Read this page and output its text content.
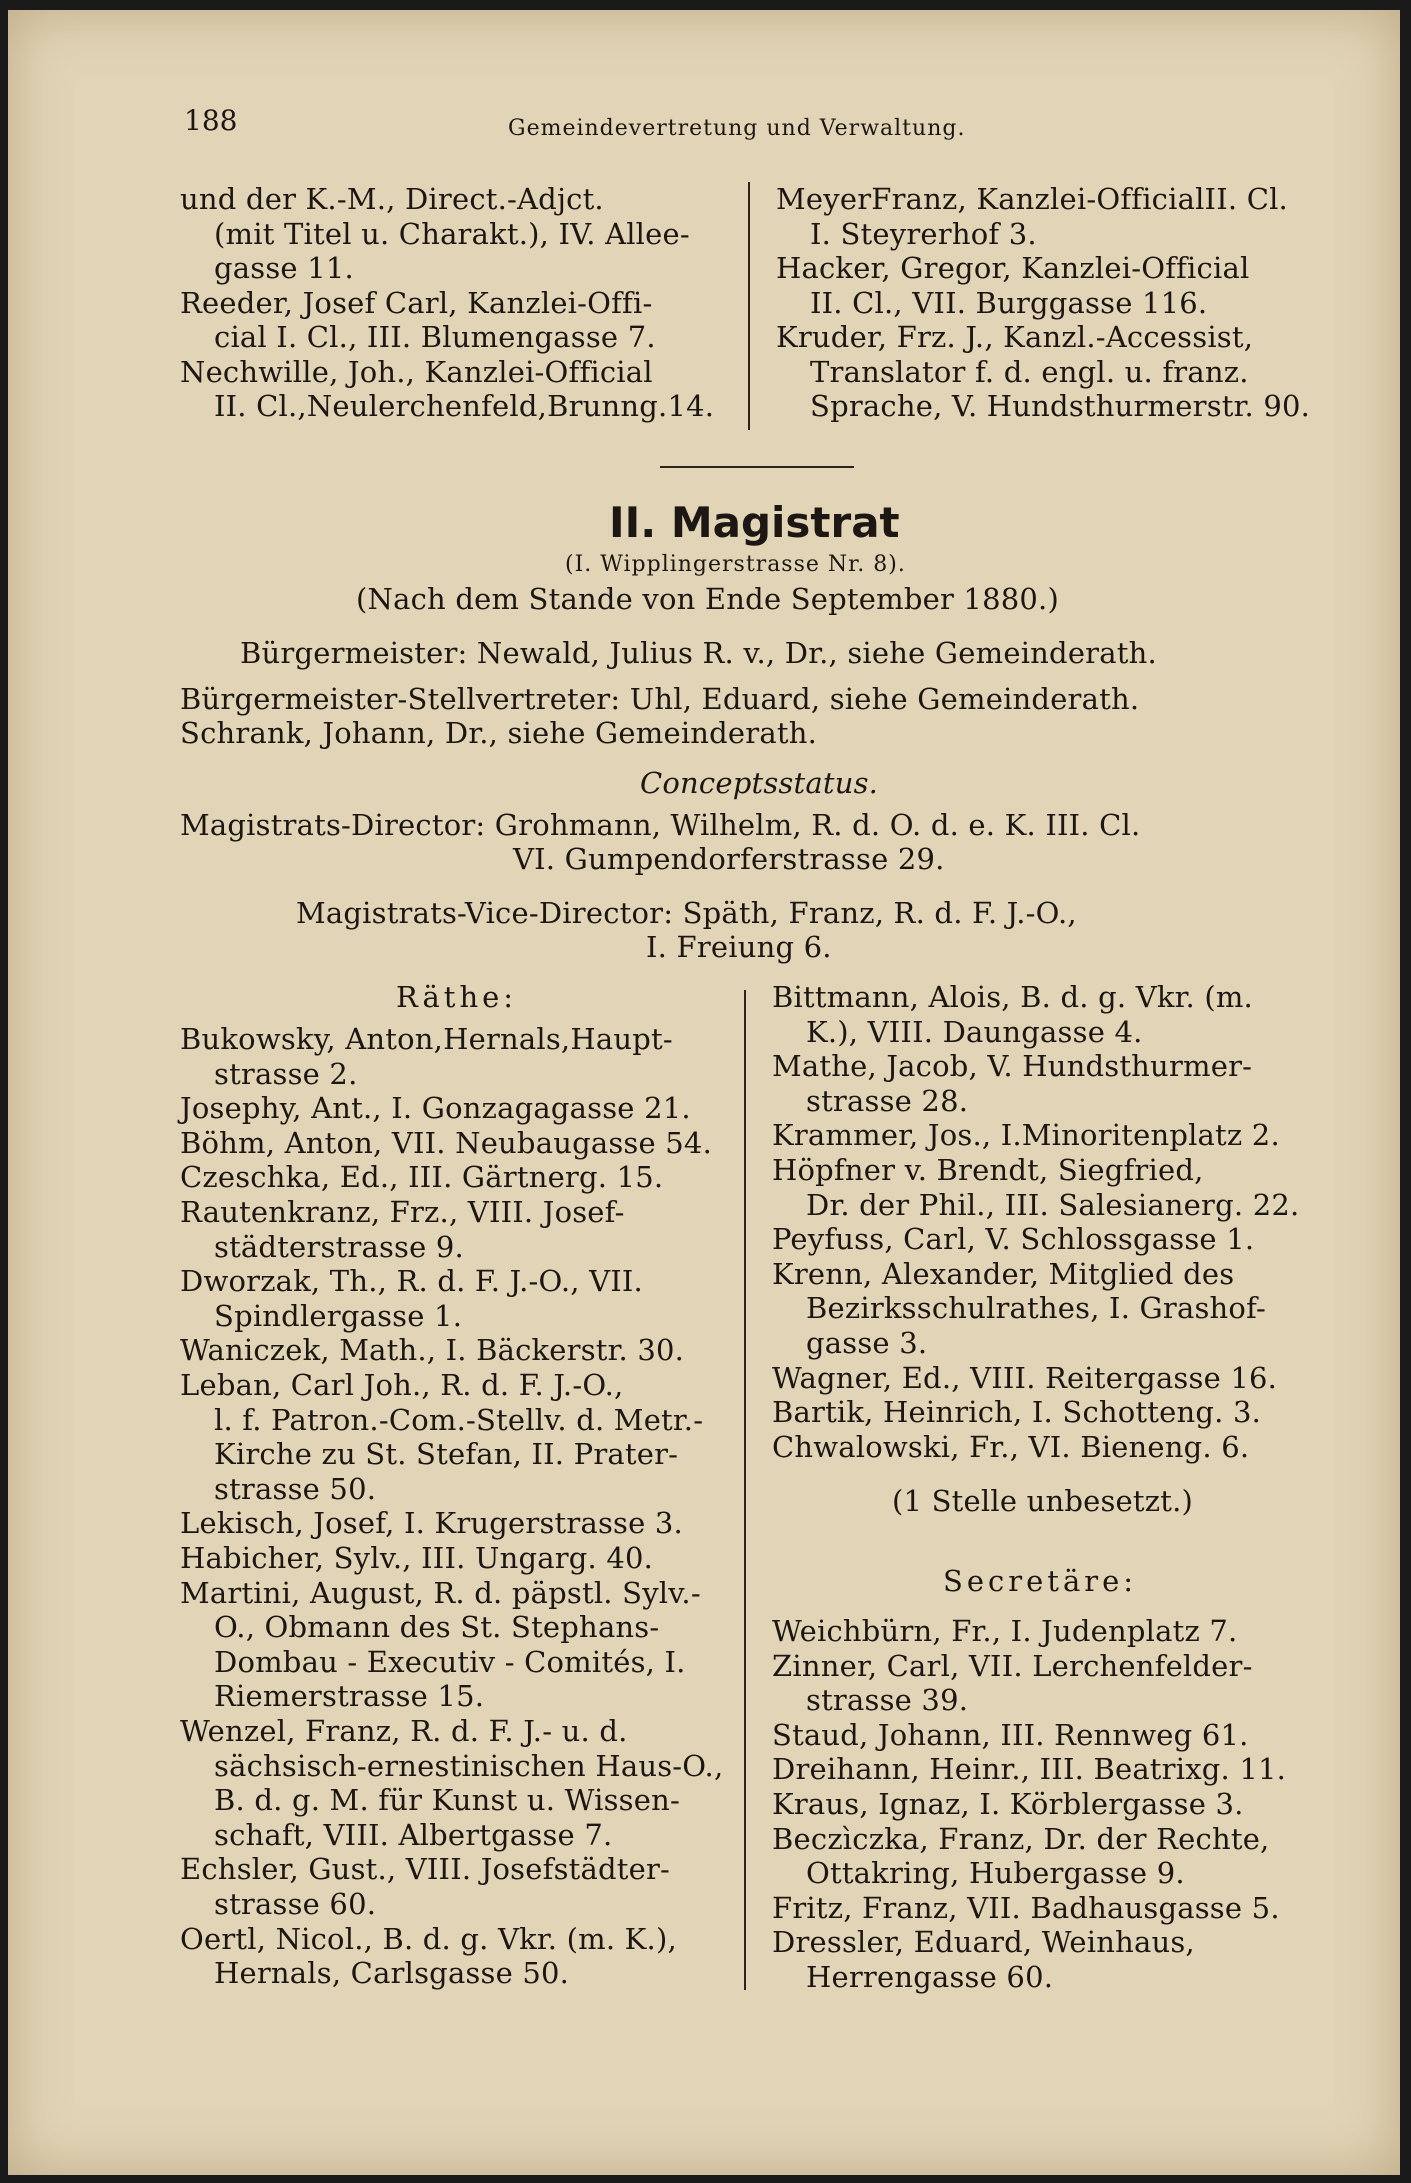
188	Gemeindevertretung und Verwaltung.
und der K.-M., Direct.-Adjct.
(mit Titel u. Charakt.), IV. Allee-
gasse 11.
Reeder, Josef Carl, Kanzlei-Offi-
cial I. Cl., III. Blumengasse 7.
Nechwille, Joh., Kanzlei-Official
II. Cl.,Neulerchenfeld,Brunng.14.
MeyerFranz, Kanzlei-OfficialII. Cl.
I. Steyrerhof 3.
Hacker, Gregor, Kanzlei-Official
II. Cl., VII. Burggasse 116.
Kruder, Frz. J., Kanzl.-Accessist,
Translator f. d. engl. u. franz.
Sprache, V. Hundsthurmerstr. 90.
II. Magistrat
(I. Wipplingerstrasse Nr. 8).
(Nach dem Stande von Ende September 1880.)
Bürgermeister: Newald, Julius R. v., Dr., siehe Gemeinderath.
Bürgermeister-Stellvertreter: Uhl, Eduard, siehe Gemeinderath.
Schrank, Johann, Dr., siehe Gemeinderath.
Conceptsstatus.
Magistrats-Director: Grohmann, Wilhelm, R. d. O. d. e. K. III. Cl.
VI. Gumpendorferstrasse 29.
Magistrats-Vice-Director: Späth, Franz, R. d. F. J.-O.,
I. Freiung 6.
Räthe:
Bukowsky, Anton,Hernals,Haupt-
strasse 2.
Josephy, Ant., I. Gonzagagasse 21.
Böhm, Anton, VII. Neubaugasse 54.
Czeschka, Ed., III. Gärtnerg. 15.
Rautenkranz, Frz., VIII. Josef-
städterstrasse 9.
Dworzak, Th., R. d. F. J.-O., VII.
Spindlergasse 1.
Waniczek, Math., I. Bäckerstr. 30.
Leban, Carl Joh., R. d. F. J.-O.,
l. f. Patron.-Com.-Stellv. d. Metr.-
Kirche zu St. Stefan, II. Prater-
strasse 50.
Lekisch, Josef, I. Krugerstrasse 3.
Habicher, Sylv., III. Ungarg. 40.
Martini, August, R. d. päpstl. Sylv.-
O., Obmann des St. Stephans-
Dombau - Executiv - Comités, I.
Riemerstrasse 15.
Wenzel, Franz, R. d. F. J.- u. d.
sächsisch-ernestinischen Haus-O.,
B. d. g. M. für Kunst u. Wissen-
schaft, VIII. Albertgasse 7.
Echsler, Gust., VIII. Josefstädter-
strasse 60.
Oertl, Nicol., B. d. g. Vkr. (m. K.),
Hernals, Carlsgasse 50.
Bittmann, Alois, B. d. g. Vkr. (m.
K.), VIII. Daungasse 4.
Mathe, Jacob, V. Hundsthurmer-
strasse 28.
Krammer, Jos., I.Minoritenplatz 2.
Höpfner v. Brendt, Siegfried,
Dr. der Phil., III. Salesianerg. 22.
Peyfuss, Carl, V. Schlossgasse 1.
Krenn, Alexander, Mitglied des
Bezirksschulrathes, I. Grashof-
gasse 3.
Wagner, Ed., VIII. Reitergasse 16.
Bartik, Heinrich, I. Schotteng. 3.
Chwalowski, Fr., VI. Bieneng. 6.
(1 Stelle unbesetzt.)
Secretäre:
Weichbürn, Fr., I. Judenplatz 7.
Zinner, Carl, VII. Lerchenfelder-
strasse 39.
Staud, Johann, III. Rennweg 61.
Dreihann, Heinr., III. Beatrixg. 11.
Kraus, Ignaz, I. Körblergasse 3.
Beczìczka, Franz, Dr. der Rechte,
Ottakring, Hubergasse 9.
Fritz, Franz, VII. Badhausgasse 5.
Dressler, Eduard, Weinhaus,
Herrengasse 60.
